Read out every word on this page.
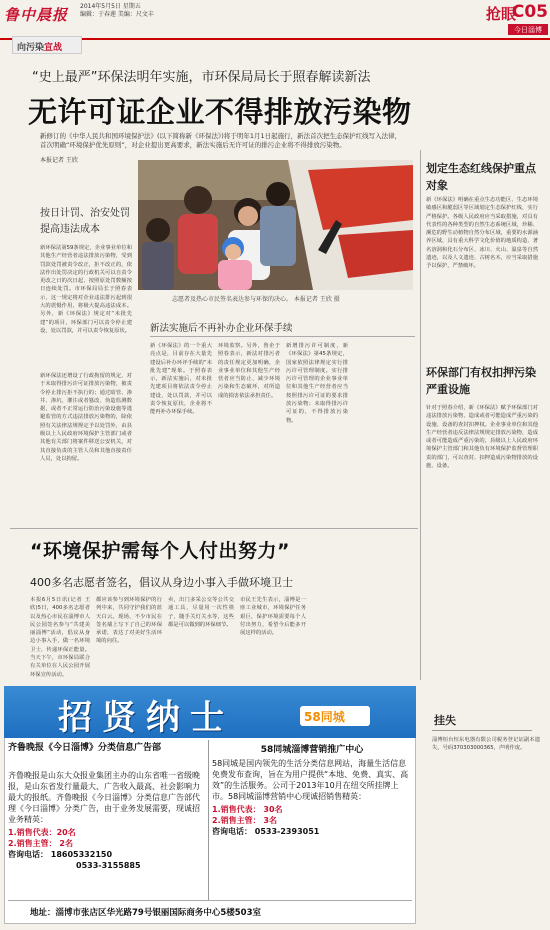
鲁中晨报 2014年5月5日 星期五
编辑：于春莲 美编：尺文丰	抢眼
C05
今日淄博
向污染宣战
“史上最严”环保法明年实施，市环保局局长于照春解读新法
无许可证企业不得排放污染物
新修订的《中华人民共和国环境保护法》(以下简称新《环保法》)将于明年1月1日起施行，新法首次把生态保护红线写入法律，首次明确“环境保护优先原则”，对企业提出更高要求，新法实施后无许可证的排污企业将不得排放污染物。
本报记者 王欣
按日计罚、治安处罚提高违法成本
新环保法第59条规定，企业事业单位和其他生产经营者违法排放污染物，受到罚款处罚被责令改正，拒不改正的，依法作出处罚决定的行政机关可以自责令更改之日的次日起，按照原处罚数额按日连续处罚。市环保局局长于照春表示，这一规定将对企业违法排污起到很大的震慑作用，将极大提高违法成本。另外，新《环保法》规定对“未批先建”的项目，环保部门可以责令停止建设，处以罚款，并可以责令恢复原状。
新环保法还增设了行政拘留的规定，对于未取得排污许可证排放污染物，被责令停止排污拒不执行的；通过暗管、渗井、渗坑、灌注或者篡改、伪造监测数据，或者不正常运行防治污染设施等逃避监管的方式违法排放污染物的，除依照有关法律法规规定予以处罚外，由县级以上人民政府环境保护主管部门或者其他有关部门将案件移送公安机关，对其直接负责的主管人员和其他直接责任人员，处以拘留。
志愿者及热心市民签名表达参与环保的决心。 本报记者 王欣 摄
新法实施后不再补办企业环保手续
新《环保法》的一个重大亮点是，目前存在大量先建设后补办环评手续的“未批先建”现象。于照春表示，新法实施后，对未批先建项目将依法责令停止建设，处以罚款，并可以责令恢复原状，企业将不能再补办环保手续。
环境监察。另外，鲁企于照春表示，新法对排污者的责任规定更加明确，企业事业单位和其他生产经营者应当防止、减少环境污染和生态破坏，对所造成的损害依法承担责任。
新增排污许可制度，新《环保法》第45条规定，国家依照法律规定实行排污许可管理制度。实行排污许可管理的企业事业单位和其他生产经营者应当按照排污许可证的要求排放污染物；未取得排污许可证的，不得排放污染物。
划定生态红线保护重点对象
新《环保法》明确在重点生态功能区、生态环境敏感区和脆弱区等区域划定生态保护红线，实行严格保护。各级人民政府应当采取措施，对具有代表性的各种类型的自然生态系统区域，珍稀、濒危的野生动植物自然分布区域，重要的水源涵养区域，具有重大科学文化价值的地质构造、著名溶洞和化石分布区、冰川、火山、温泉等自然遗迹，以及人文遗迹、古树名木，应当采取措施予以保护，严禁破坏。
环保部门有权扣押污染严重设施
针对于照春介绍，新《环保法》赋予环保部门对违法排放污染物、造成或者可能造成严重污染的设施、设备的查封扣押权。企业事业单位和其他生产经营者违反法律法规规定排放污染物，造成或者可能造成严重污染的，县级以上人民政府环境保护主管部门和其他负有环境保护监督管理职责的部门，可以查封、扣押造成污染物排放的设施、设备。
挂失
淄博桓台恒东电器有限公司税务登记证副本遗失，号码370303000365，声明作废。
“环境保护需每个人付出努力”
400多名志愿者签名，倡议从身边小事入手做环境卫士
本报6月5日讯(记者 王欣)5日，400多名志愿者以及热心市民在淄博市人民公园签名参与“共建美丽淄博”活动，倡议从身边小事入手，做一名环境卫士，传递环保正能量。当天下午，市环保局联合有关单位在人民公园开展环保宣传活动。
都应该参与到环境保护的行列中来，共同守护我们的蓝天白云。现场，不少市民在签名墙上写下了自己的环保承诺，表达了对美好生活环境的向往。
卖，出门多采公交等公共交通工具，尽量用一次性筷子，随手关灯关水等，这些都是可以做到的环保细节。
市民王先生表示，淄博是一座工业城市，环境保护任务艰巨，保护环境需要每个人付出努力，希望今后能多开展这样的活动。
招贤纳士	58同城
齐鲁晚报《今日淄博》分类信息广告部
齐鲁晚报是山东大众报业集团主办的山东省唯一省级晚报，是山东省发行量最大、广告收入最高、社会影响力最大的报纸。齐鲁晚报《今日淄博》分类信息广告部代理《今日淄博》分类广告，由于业务发展需要，现诚招业务精英：
1.销售代表：20名
2.销售主管： 2名
咨询电话： 18605332150
0533-3155885
58同城淄博营销推广中心
58同城是国内领先的生活分类信息网站，海量生活信息免费发布查询，旨在为用户提供“本地、免费、真实、高效”的生活服务。公司于2013年10月在纽交所挂牌上市。58同城淄博营销中心现诚招销售精英：
1.销售代表： 30名
2.销售主管： 3名
咨询电话： 0533-2393051
地址：淄博市张店区华光路79号银丽国际商务中心5楼503室
